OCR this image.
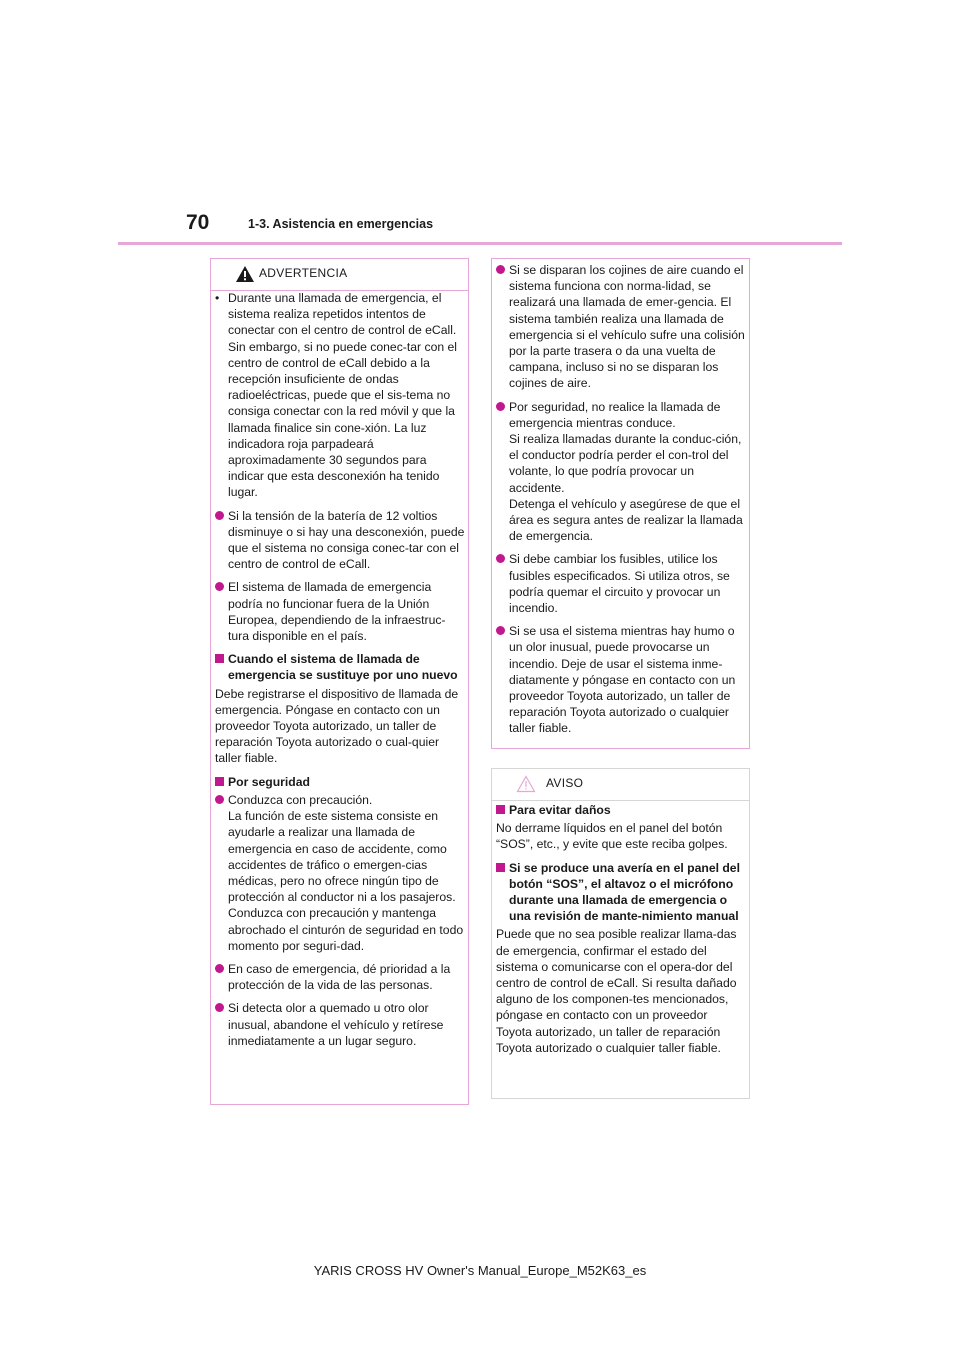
70	1-3. Asistencia en emergencias
ADVERTENCIA
• Durante una llamada de emergencia, el sistema realiza repetidos intentos de conectar con el centro de control de eCall. Sin embargo, si no puede conec-tar con el centro de control de eCall debido a la recepción insuficiente de ondas radioeléctricas, puede que el sis-tema no consiga conectar con la red móvil y que la llamada finalice sin cone-xión. La luz indicadora roja parpadeará aproximadamente 30 segundos para indicar que esta desconexión ha tenido lugar.
Si la tensión de la batería de 12 voltios disminuye o si hay una desconexión, puede que el sistema no consiga conec-tar con el centro de control de eCall.
El sistema de llamada de emergencia podría no funcionar fuera de la Unión Europea, dependiendo de la infraestruc-tura disponible en el país.
Cuando el sistema de llamada de emergencia se sustituye por uno nuevo
Debe registrarse el dispositivo de llamada de emergencia. Póngase en contacto con un proveedor Toyota autorizado, un taller de reparación Toyota autorizado o cual-quier taller fiable.
Por seguridad
Conduzca con precaución.
La función de este sistema consiste en ayudarle a realizar una llamada de emergencia en caso de accidente, como accidentes de tráfico o emergen-cias médicas, pero no ofrece ningún tipo de protección al conductor ni a los pasajeros. Conduzca con precaución y mantenga abrochado el cinturón de seguridad en todo momento por seguri-dad.
En caso de emergencia, dé prioridad a la protección de la vida de las personas.
Si detecta olor a quemado u otro olor inusual, abandone el vehículo y retírese inmediatamente a un lugar seguro.
Si se disparan los cojines de aire cuando el sistema funciona con norma-lidad, se realizará una llamada de emer-gencia. El sistema también realiza una llamada de emergencia si el vehículo sufre una colisión por la parte trasera o da una vuelta de campana, incluso si no se disparan los cojines de aire.
Por seguridad, no realice la llamada de emergencia mientras conduce.
Si realiza llamadas durante la conduc-ción, el conductor podría perder el con-trol del volante, lo que podría provocar un accidente.
Detenga el vehículo y asegúrese de que el área es segura antes de realizar la llamada de emergencia.
Si debe cambiar los fusibles, utilice los fusibles especificados. Si utiliza otros, se podría quemar el circuito y provocar un incendio.
Si se usa el sistema mientras hay humo o un olor inusual, puede provocarse un incendio. Deje de usar el sistema inme-diatamente y póngase en contacto con un proveedor Toyota autorizado, un taller de reparación Toyota autorizado o cualquier taller fiable.
AVISO
Para evitar daños
No derrame líquidos en el panel del botón “SOS”, etc., y evite que este reciba golpes.
Si se produce una avería en el panel del botón “SOS”, el altavoz o el micrófono durante una llamada de emergencia o una revisión de mante-nimiento manual
Puede que no sea posible realizar llama-das de emergencia, confirmar el estado del sistema o comunicarse con el opera-dor del centro de control de eCall. Si resulta dañado alguno de los componen-tes mencionados, póngase en contacto con un proveedor Toyota autorizado, un taller de reparación Toyota autorizado o cualquier taller fiable.
YARIS CROSS HV Owner's Manual_Europe_M52K63_es
